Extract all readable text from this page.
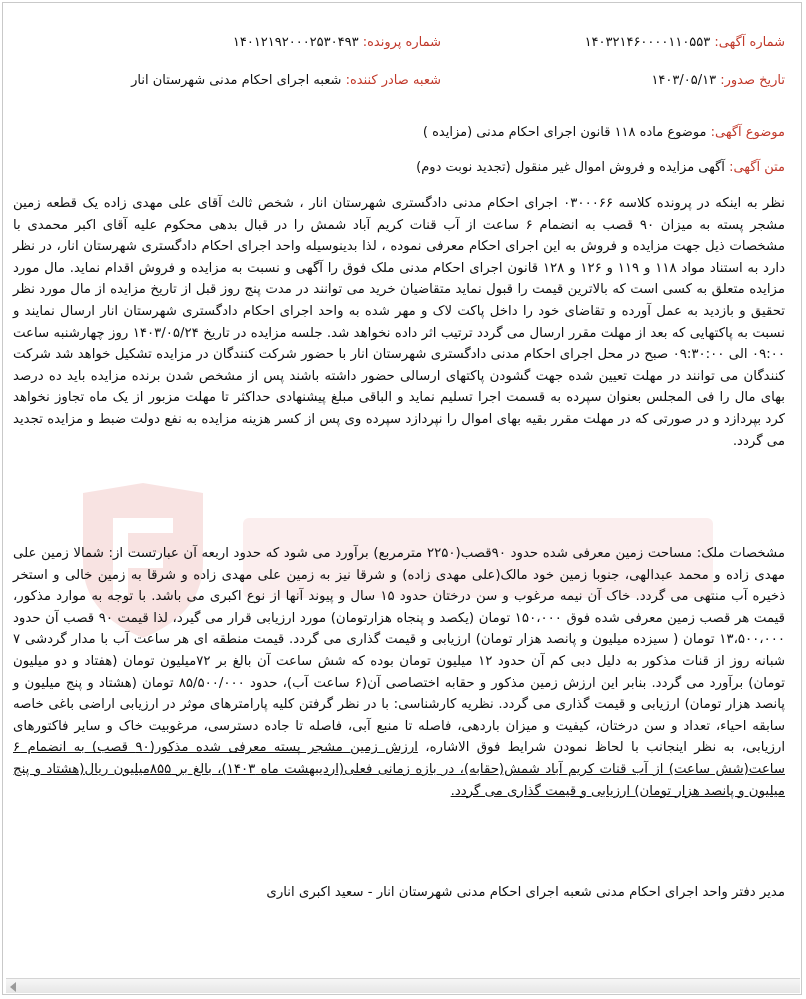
شماره آگهی: ۱۴۰۳۲۱۴۶۰۰۰۰۱۱۰۵۵۳
شماره پرونده: ۱۴۰۱۲۱۹۲۰۰۰۲۵۳۰۴۹۳
تاریخ صدور: ۱۴۰۳/۰۵/۱۳
شعبه صادر کننده: شعبه اجرای احکام مدنی شهرستان انار
موضوع آگهی: موضوع ماده ۱۱۸ قانون اجرای احکام مدنی (مزایده )
متن آگهی: آگهی مزایده و فروش اموال غیر منقول (تجدید نوبت دوم)

نظر به اینکه در پرونده کلاسه ۰۳۰۰۰۶۶ اجرای احکام مدنی دادگستری شهرستان انار ، شخص ثالث آقای علی مهدی زاده یک قطعه زمین مشجر پسته به میزان ۹۰ قصب به انضمام ۶ ساعت از آب قنات کریم آباد شمش را در قبال بدهی محکوم علیه آقای اکبر محمدی با مشخصات ذیل جهت مزایده و فروش به این اجرای احکام معرفی نموده ، لذا بدینوسیله واحد اجرای احکام دادگستری شهرستان انار، در نظر دارد به استناد مواد ۱۱۸ و ۱۱۹ و ۱۲۶ و ۱۲۸ قانون اجرای احکام مدنی ملک فوق را آگهی و نسبت به مزایده و فروش اقدام نماید. مال مورد مزایده متعلق به کسی است که بالاترین قیمت را قبول نماید متقاضیان خرید می توانند در مدت پنج روز قبل از تاریخ مزایده از مال مورد نظر تحقیق و بازدید به عمل آورده و تقاضای خود را داخل پاکت لاک و مهر شده به واحد اجرای احکام دادگستری شهرستان انار ارسال نمایند و نسبت به پاکتهایی که بعد از مهلت مقرر ارسال می گردد ترتیب اثر داده نخواهد شد. جلسه مزایده در تاریخ ۱۴۰۳/۰۵/۲۴ روز چهارشنبه ساعت ۰۹:۰۰ الی ۰۹:۳۰:۰۰ صبح در محل اجرای احکام مدنی دادگستری شهرستان انار با حضور شرکت کنندگان در مزایده تشکیل خواهد شد شرکت کنندگان می توانند در مهلت تعیین شده جهت گشودن پاکتهای ارسالی حضور داشته باشند پس از مشخص شدن برنده مزایده باید ده درصد بهای مال را فی المجلس بعنوان سپرده به قسمت اجرا تسلیم نماید و الباقی مبلغ پیشنهادی حداکثر تا مهلت مزبور از یک ماه تجاوز نخواهد کرد بپردازد و در صورتی که در مهلت مقرر بقیه بهای اموال را نپردازد سپرده وی پس از کسر هزینه مزایده به نفع دولت ضبط و مزایده تجدید می گردد.

مشخصات ملک: مساحت زمین معرفی شده حدود ۹۰قصب(۲۲۵۰ مترمربع) برآورد می شود که حدود اربعه آن عبارتست از: شمالا زمین علی مهدی زاده و محمد عبدالهی، جنوبا زمین خود مالک(علی مهدی زاده) و شرقا نیز به زمین علی مهدی زاده و شرقا به زمین خالی و استخر ذخیره آب منتهی می گردد. خاک آن نیمه مرغوب و سن درختان حدود ۱۵ سال و پیوند آنها از نوع اکبری می باشد. با توجه به موارد مذکور، قیمت هر قصب زمین معرفی شده فوق ۱۵۰،۰۰۰ تومان (یکصد و پنجاه هزارتومان) مورد ارزیابی قرار می گیرد، لذا قیمت ۹۰ قصب آن حدود ۱۳،۵۰۰،۰۰۰ تومان ( سیزده میلیون و پانصد هزار تومان) ارزیابی و قیمت گذاری می گردد. قیمت منطقه ای هر ساعت آب با مدار گردشی ۷ شبانه روز از قنات مذکور به دلیل دبی کم آن حدود ۱۲ میلیون تومان بوده که شش ساعت آن بالغ بر ۷۲میلیون تومان (هفتاد و دو میلیون تومان) برآورد می گردد. بنابر این ارزش زمین مذکور و حقابه اختصاصی آن(۶ ساعت آب)، حدود ۸۵/۵۰۰/۰۰۰ تومان (هشتاد و پنج میلیون و پانصد هزار تومان) ارزیابی و قیمت گذاری می گردد. نظریه کارشناسی: با در نظر گرفتن کلیه پارامترهای موثر در ارزیابی اراضی باغی خاصه سابقه احیاء، تعداد و سن درختان، کیفیت و میزان باردهی، فاصله تا منبع آبی، فاصله تا جاده دسترسی، مرغوبیت خاک و سایر فاکتورهای ارزیابی، به نظر اینجانب با لحاظ نمودن شرایط فوق الاشاره، ارزش زمین مشجر پسته معرفی شده مذکور(۹۰ قصب) به انضمام ۶ ساعت(شش ساعت) از آب قنات کریم آباد شمش(حقابه)، در بازه زمانی فعلی(اردیبهشت ماه ۱۴۰۳)، بالغ بر ۸۵۵میلیون ریال(هشتاد و پنج میلیون و پانصد هزار تومان) ارزیابی و قیمت گذاری می گردد.

مدیر دفتر واحد اجرای احکام مدنی شعبه اجرای احکام مدنی شهرستان انار - سعید اکبری اناری
